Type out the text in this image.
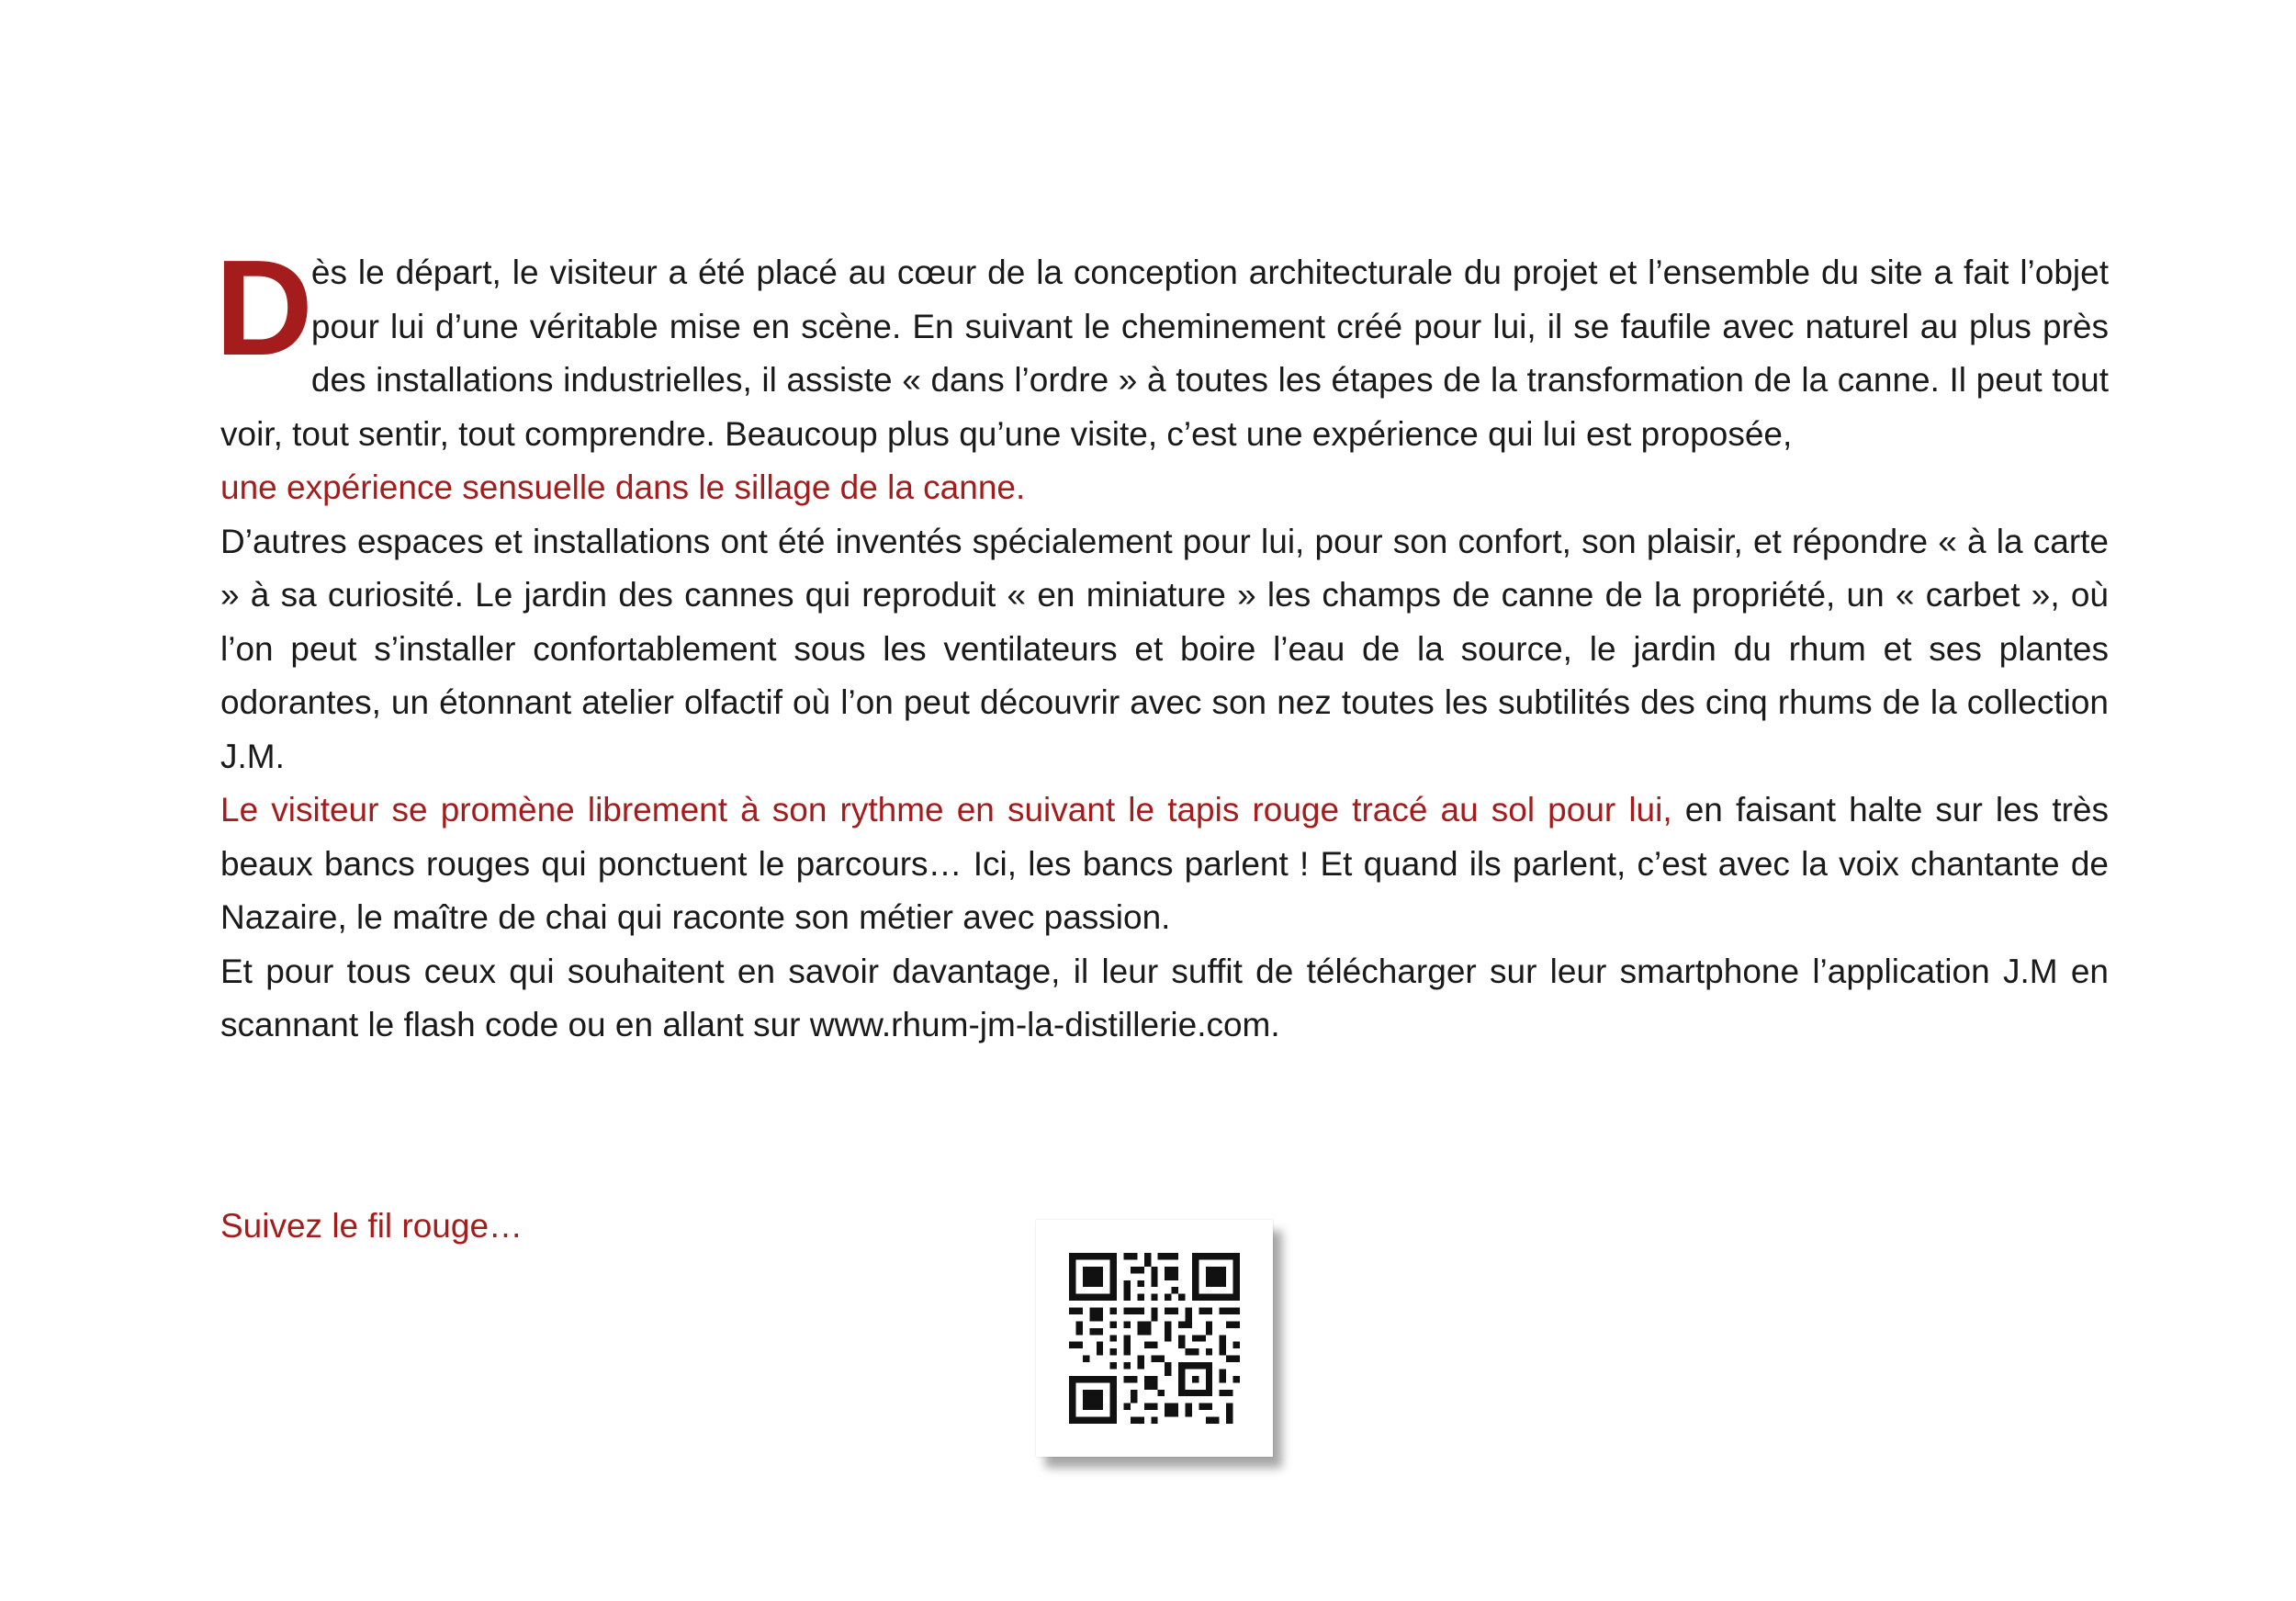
Dès le départ, le visiteur a été placé au cœur de la conception architecturale du projet et l’ensemble du site a fait l’objet pour lui d’une véritable mise en scène. En suivant le cheminement créé pour lui, il se faufile avec naturel au plus près des installations industrielles, il assiste « dans l’ordre » à toutes les étapes de la transformation de la canne. Il peut tout voir, tout sentir, tout comprendre. Beaucoup plus qu’une visite, c’est une expérience qui lui est proposée,
une expérience sensuelle dans le sillage de la canne.

D’autres espaces et installations ont été inventés spécialement pour lui, pour son confort, son plaisir, et répondre « à la carte » à sa curiosité. Le jardin des cannes qui reproduit « en miniature » les champs de canne de la propriété, un « carbet », où l’on peut s’installer confortablement sous les ventilateurs et boire l’eau de la source, le jardin du rhum et ses plantes odorantes, un étonnant atelier olfactif où l’on peut découvrir avec son nez toutes les subtilités des cinq rhums de la collection J.M.

Le visiteur se promène librement à son rythme en suivant le tapis rouge tracé au sol pour lui, en faisant halte sur les très beaux bancs rouges qui ponctuent le parcours… Ici, les bancs parlent ! Et quand ils parlent, c’est avec la voix chantante de Nazaire, le maître de chai qui raconte son métier avec passion.

Et pour tous ceux qui souhaitent en savoir davantage, il leur suffit de télécharger sur leur smartphone l’application J.M en scannant le flash code ou en allant sur www.rhum-jm-la-distillerie.com.

Suivez le fil rouge…
